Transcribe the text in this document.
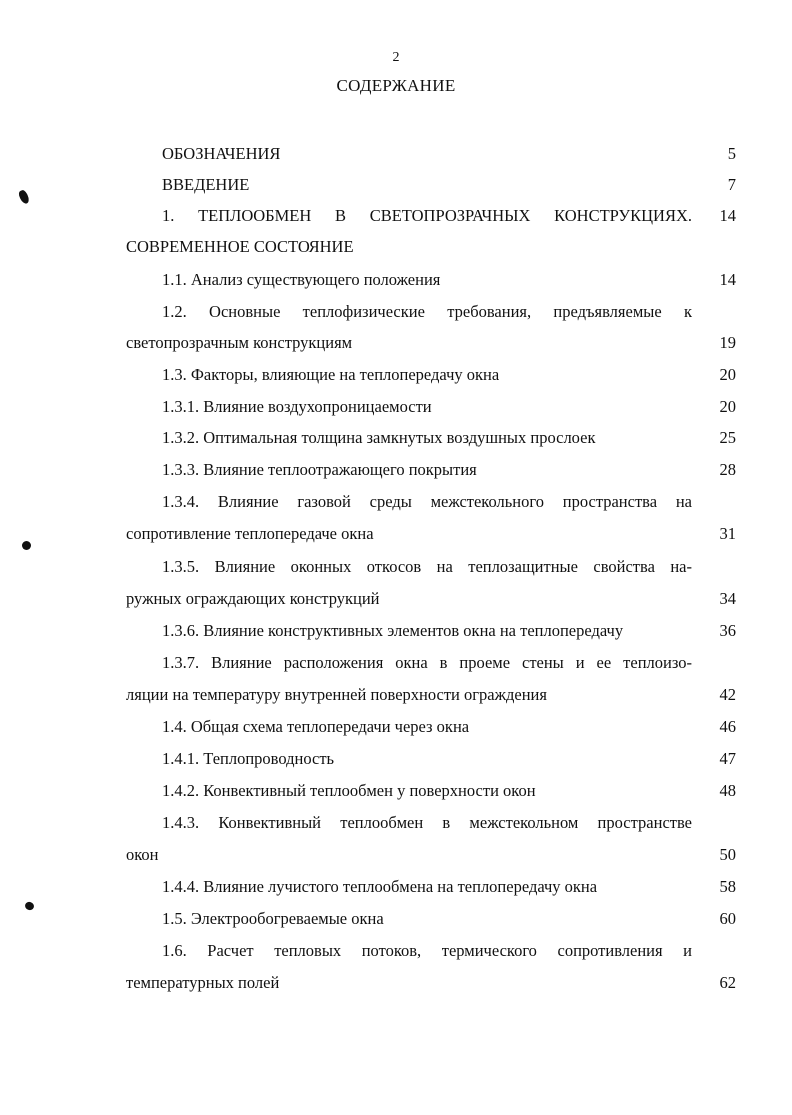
2
СОДЕРЖАНИЕ
ОБОЗНАЧЕНИЯ	5
ВВЕДЕНИЕ	7
1. ТЕПЛООБМЕН В СВЕТОПРОЗРАЧНЫХ КОНСТРУКЦИЯХ.	14
СОВРЕМЕННОЕ СОСТОЯНИЕ
1.1. Анализ существующего положения	14
1.2. Основные теплофизические требования, предъявляемые к
светопрозрачным конструкциям	19
1.3. Факторы, влияющие на теплопередачу окна	20
1.3.1. Влияние воздухопроницаемости	20
1.3.2. Оптимальная толщина замкнутых воздушных прослоек	25
1.3.3. Влияние теплоотражающего покрытия	28
1.3.4. Влияние газовой среды межстекольного пространства на
сопротивление теплопередаче окна	31
1.3.5. Влияние оконных откосов на теплозащитные свойства на-
ружных ограждающих конструкций	34
1.3.6. Влияние конструктивных элементов окна на теплопередачу	36
1.3.7. Влияние расположения окна в проеме стены и ее теплоизо-
ляции на температуру внутренней поверхности ограждения	42
1.4. Общая схема теплопередачи через окна	46
1.4.1. Теплопроводность	47
1.4.2. Конвективный теплообмен у поверхности окон	48
1.4.3. Конвективный теплообмен в межстекольном пространстве
окон	50
1.4.4. Влияние лучистого теплообмена на теплопередачу окна	58
1.5. Электрообогреваемые окна	60
1.6. Расчет тепловых потоков, термического сопротивления и
температурных полей	62
